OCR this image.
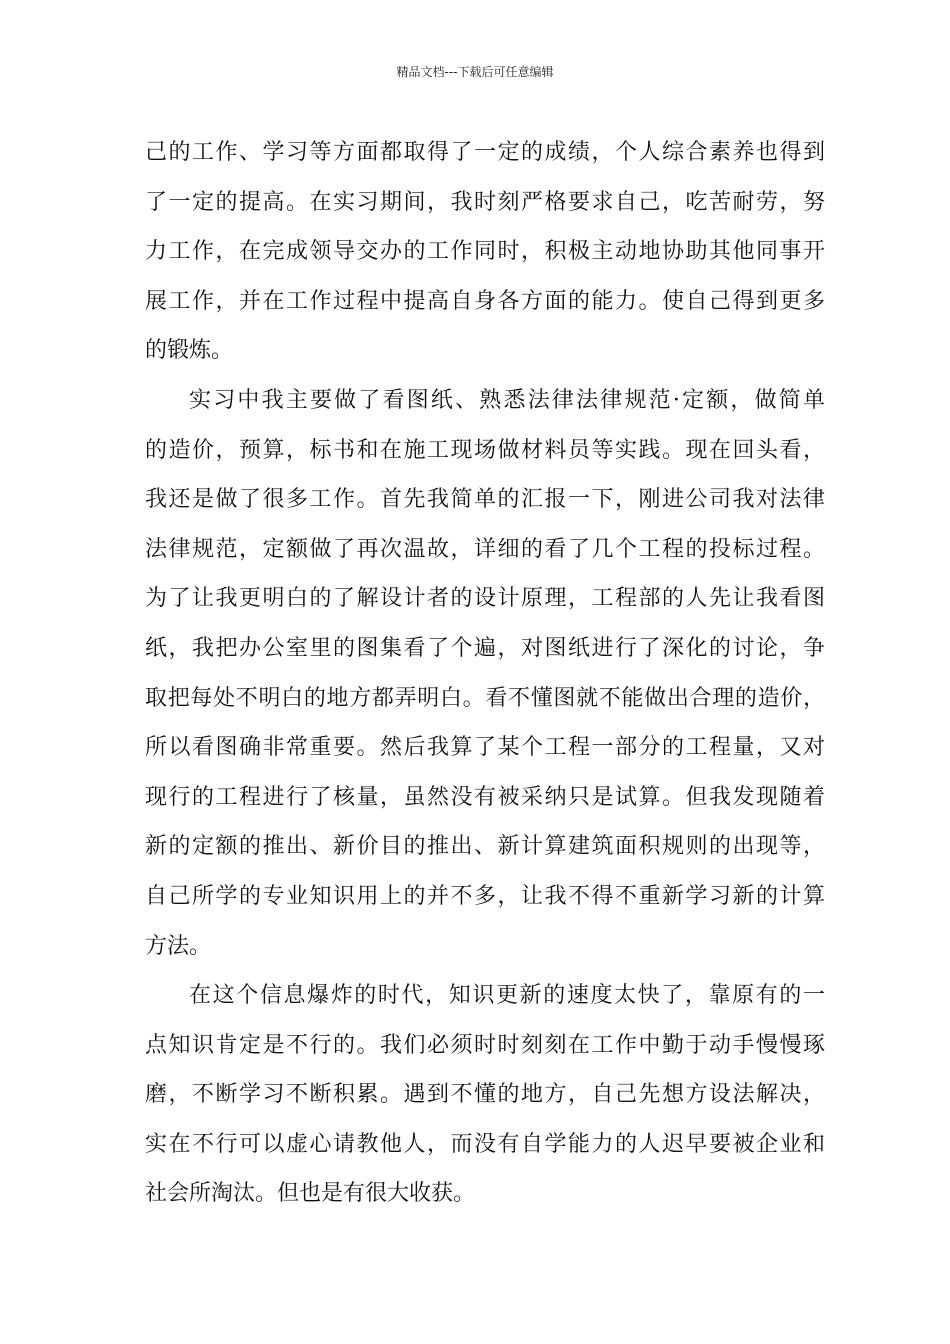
精品文档---下载后可任意编辑
己的工作、学习等方面都取得了一定的成绩，个人综合素养也得到
了一定的提高。在实习期间，我时刻严格要求自己，吃苦耐劳，努
力工作，在完成领导交办的工作同时，积极主动地协助其他同事开
展工作，并在工作过程中提高自身各方面的能力。使自己得到更多
的锻炼。
实习中我主要做了看图纸、熟悉法律法律规范·定额，做简单
的造价，预算，标书和在施工现场做材料员等实践。现在回头看，
我还是做了很多工作。首先我简单的汇报一下，刚进公司我对法律
法律规范，定额做了再次温故，详细的看了几个工程的投标过程。
为了让我更明白的了解设计者的设计原理，工程部的人先让我看图
纸，我把办公室里的图集看了个遍，对图纸进行了深化的讨论，争
取把每处不明白的地方都弄明白。看不懂图就不能做出合理的造价，
所以看图确非常重要。然后我算了某个工程一部分的工程量，又对
现行的工程进行了核量，虽然没有被采纳只是试算。但我发现随着
新的定额的推出、新价目的推出、新计算建筑面积规则的出现等，
自己所学的专业知识用上的并不多，让我不得不重新学习新的计算
方法。
在这个信息爆炸的时代，知识更新的速度太快了，靠原有的一
点知识肯定是不行的。我们必须时时刻刻在工作中勤于动手慢慢琢
磨，不断学习不断积累。遇到不懂的地方，自己先想方设法解决，
实在不行可以虚心请教他人，而没有自学能力的人迟早要被企业和
社会所淘汰。但也是有很大收获。
